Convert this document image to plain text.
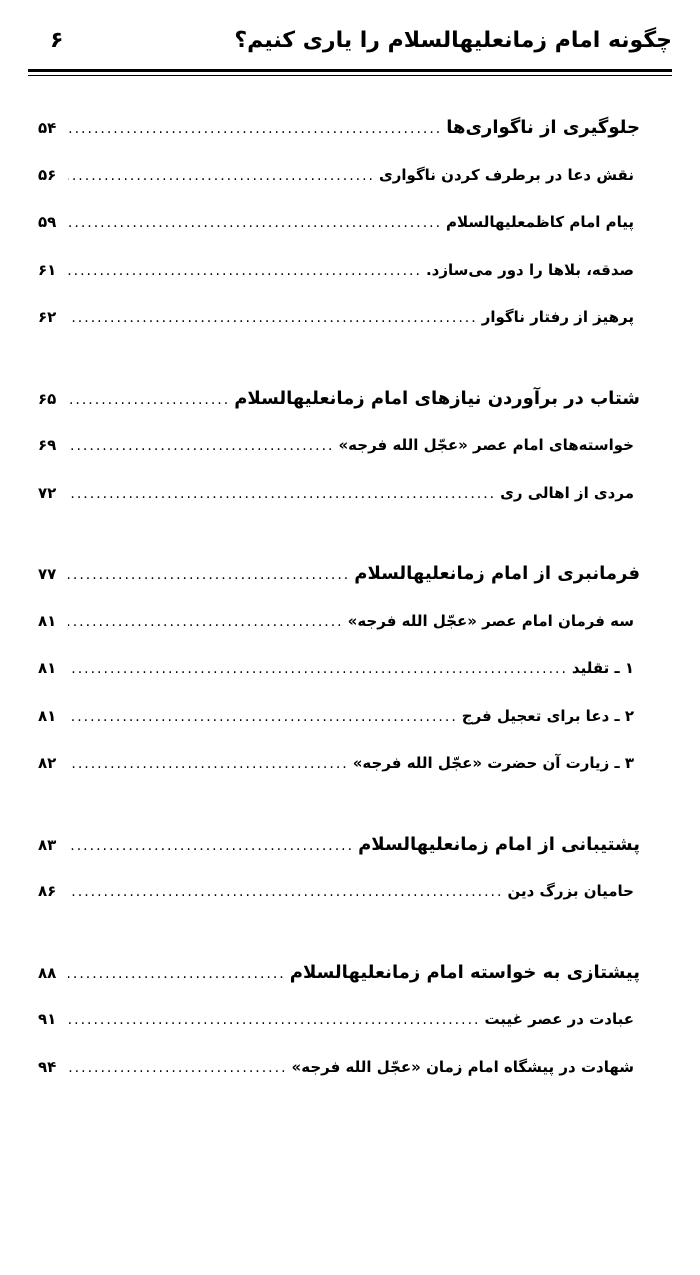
چگونه امام زمانعليهالسلام را یاری کنیم؟
۶
جلوگیری از ناگواری‌ها
.....
۵۴
نقش دعا در برطرف کردن ناگواری
.....
۵۶
پیام امام کاظمعليهالسلام
.....
۵۹
صدقه، بلاها را دور می‌سازد.
.....
۶۱
پرهیز از رفتار ناگوار
.....
۶۲
شتاب در برآوردن نیازهای امام زمانعليهالسلام
.....
۶۵
خواسته‌های امام عصر «عجّل الله فرجه»
.....
۶۹
مردی از اهالی ری
.....
۷۲
فرمانبری از امام زمانعليهالسلام
.....
۷۷
سه فرمان امام عصر «عجّل الله فرجه»
.....
۸۱
۱ ـ تقلید
.....
۸۱
۲ ـ دعا برای تعجیل فرج
.....
۸۱
۳ ـ زیارت آن حضرت «عجّل الله فرجه»
.....
۸۲
پشتیبانی از امام زمانعليهالسلام
.....
۸۳
حامیان بزرگ دین
.....
۸۶
پیشتازی به خواسته امام زمانعليهالسلام
.....
۸۸
عبادت در عصر غیبت
.....
۹۱
شهادت در پیشگاه امام زمان «عجّل الله فرجه»
.....
۹۴
